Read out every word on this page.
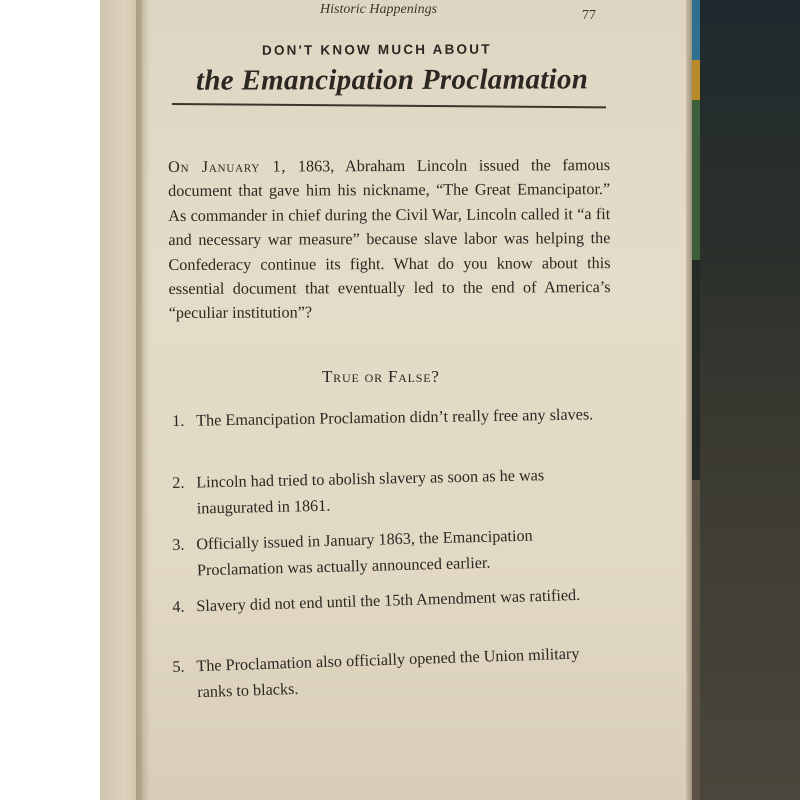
Historic Happenings	77
DON'T KNOW MUCH ABOUT
the Emancipation Proclamation

On January 1, 1863, Abraham Lincoln issued the famous document that gave him his nickname, “The Great Emancipator.” As commander in chief during the Civil War, Lincoln called it “a fit and necessary war measure” because slave labor was helping the Confederacy continue its fight. What do you know about this essential document that eventually led to the end of America’s “peculiar institution”?

True or False?
1. The Emancipation Proclamation didn’t really free any slaves.
2. Lincoln had tried to abolish slavery as soon as he was inaugurated in 1861.
3. Officially issued in January 1863, the Emancipation Proclamation was actually announced earlier.
4. Slavery did not end until the 15th Amendment was ratified.
5. The Proclamation also officially opened the Union military ranks to blacks.
